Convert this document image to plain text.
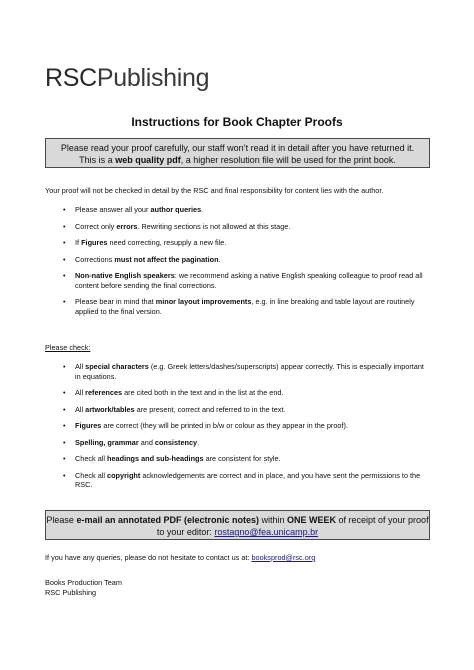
RSCPublishing
Instructions for Book Chapter Proofs
Please read your proof carefully, our staff won’t read it in detail after you have returned it.
This is a web quality pdf, a higher resolution file will be used for the print book.
Your proof will not be checked in detail by the RSC and final responsibility for content lies with the author.
• Please answer all your author queries.
• Correct only errors. Rewriting sections is not allowed at this stage.
• If Figures need correcting, resupply a new file.
• Corrections must not affect the pagination.
• Non-native English speakers: we recommend asking a native English speaking colleague to proof read all content before sending the final corrections.
• Please bear in mind that minor layout improvements, e.g. in line breaking and table layout are routinely applied to the final version.
Please check:
• All special characters (e.g. Greek letters/dashes/superscripts) appear correctly. This is especially important in equations.
• All references are cited both in the text and in the list at the end.
• All artwork/tables are present, correct and referred to in the text.
• Figures are correct (they will be printed in b/w or colour as they appear in the proof).
• Spelling, grammar and consistency.
• Check all headings and sub-headings are consistent for style.
• Check all copyright acknowledgements are correct and in place, and you have sent the permissions to the RSC.
Please e-mail an annotated PDF (electronic notes) within ONE WEEK of receipt of your proof
to your editor: rostagno@fea.unicamp.br
If you have any queries, please do not hesitate to contact us at: booksprod@rsc.org
Books Production Team
RSC Publishing
